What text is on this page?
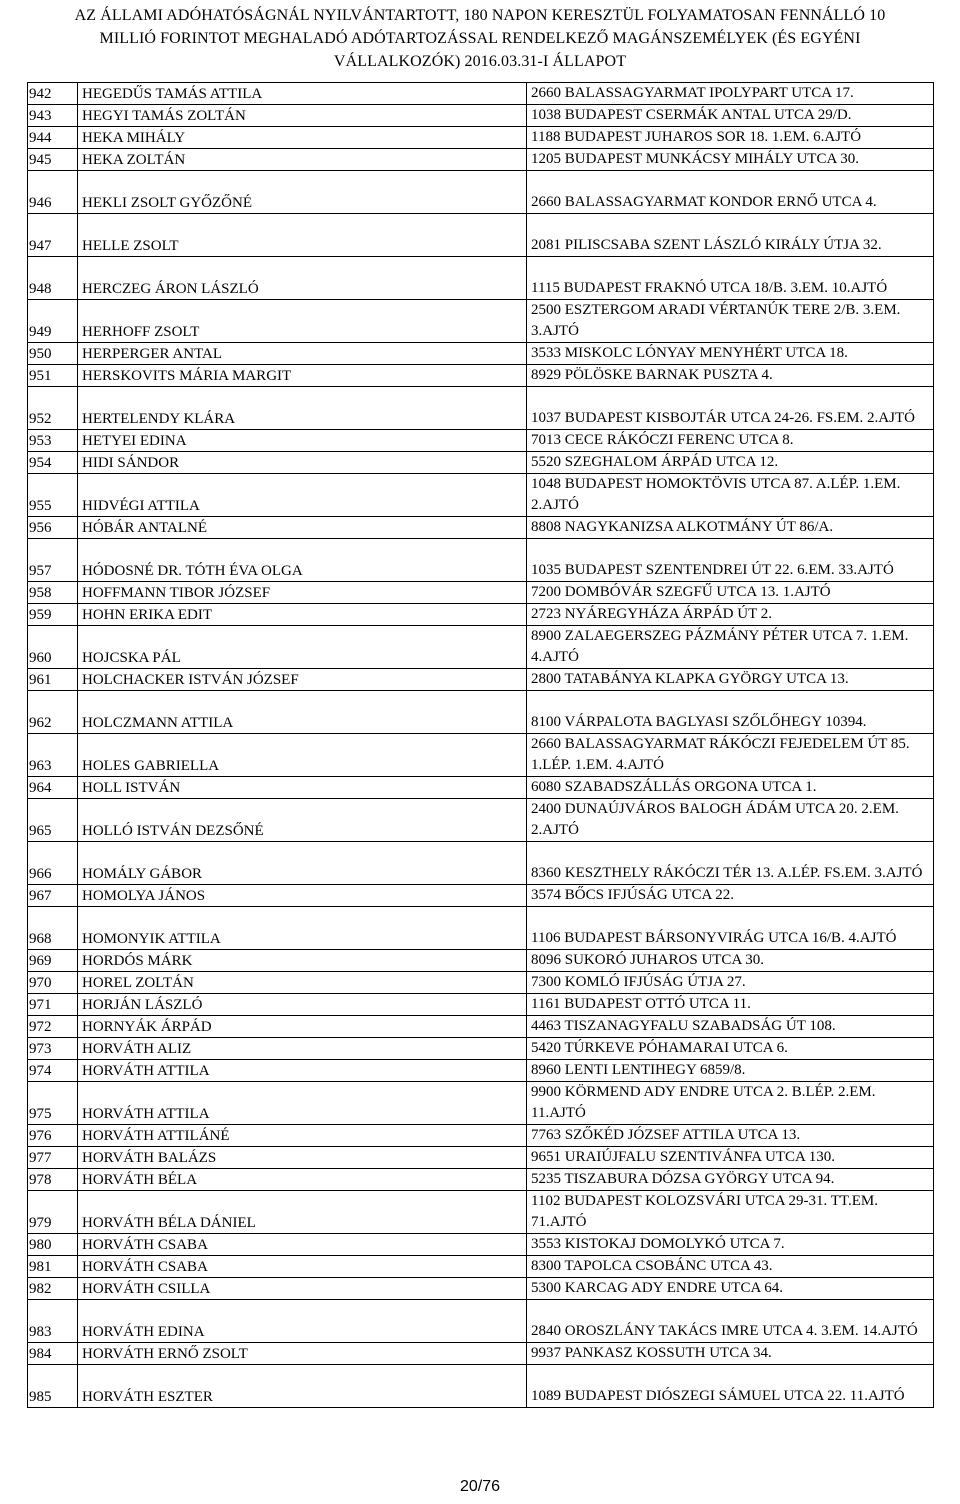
AZ ÁLLAMI ADÓHATÓSÁGNÁL NYILVÁNTARTOTT, 180 NAPON KERESZTÜL FOLYAMATOSAN FENNÁLLÓ 10
MILLIÓ FORINTOT MEGHALADÓ ADÓTARTOZÁSSAL RENDELKEZŐ MAGÁNSZEMÉLYEK (ÉS EGYÉNI
VÁLLALKOZÓK) 2016.03.31-I ÁLLAPOT
942	HEGEDŰS TAMÁS ATTILA	2660 BALASSAGYARMAT IPOLYPART UTCA 17.
943	HEGYI TAMÁS ZOLTÁN	1038 BUDAPEST CSERMÁK ANTAL UTCA 29/D.
944	HEKA MIHÁLY	1188 BUDAPEST JUHAROS SOR 18. 1.EM. 6.AJTÓ
945	HEKA ZOLTÁN	1205 BUDAPEST MUNKÁCSY MIHÁLY UTCA 30.
946	HEKLI ZSOLT GYŐZŐNÉ	2660 BALASSAGYARMAT KONDOR ERNŐ UTCA 4.
947	HELLE ZSOLT	2081 PILISCSABA SZENT LÁSZLÓ KIRÁLY ÚTJA 32.
948	HERCZEG ÁRON LÁSZLÓ	1115 BUDAPEST FRAKNÓ UTCA 18/B. 3.EM. 10.AJTÓ
949	HERHOFF ZSOLT	2500 ESZTERGOM ARADI VÉRTANÚK TERE 2/B. 3.EM. 3.AJTÓ
950	HERPERGER ANTAL	3533 MISKOLC LÓNYAY MENYHÉRT UTCA 18.
951	HERSKOVITS MÁRIA MARGIT	8929 PÖLÖSKE BARNAK PUSZTA 4.
952	HERTELENDY KLÁRA	1037 BUDAPEST KISBOJTÁR UTCA 24-26. FS.EM. 2.AJTÓ
953	HETYEI EDINA	7013 CECE RÁKÓCZI FERENC UTCA 8.
954	HIDI SÁNDOR	5520 SZEGHALOM ÁRPÁD UTCA 12.
955	HIDVÉGI ATTILA	1048 BUDAPEST HOMOKTÖVIS UTCA 87. A.LÉP. 1.EM. 2.AJTÓ
956	HÓBÁR ANTALNÉ	8808 NAGYKANIZSA ALKOTMÁNY ÚT 86/A.
957	HÓDOSNÉ DR. TÓTH ÉVA OLGA	1035 BUDAPEST SZENTENDREI ÚT 22. 6.EM. 33.AJTÓ
958	HOFFMANN TIBOR JÓZSEF	7200 DOMBÓVÁR SZEGFŰ UTCA 13. 1.AJTÓ
959	HOHN ERIKA EDIT	2723 NYÁREGYHÁZA ÁRPÁD ÚT 2.
960	HOJCSKA PÁL	8900 ZALAEGERSZEG PÁZMÁNY PÉTER UTCA 7. 1.EM. 4.AJTÓ
961	HOLCHACKER ISTVÁN JÓZSEF	2800 TATABÁNYA KLAPKA GYÖRGY UTCA 13.
962	HOLCZMANN ATTILA	8100 VÁRPALOTA BAGLYASI SZŐLŐHEGY 10394.
963	HOLES GABRIELLA	2660 BALASSAGYARMAT RÁKÓCZI FEJEDELEM ÚT 85. 1.LÉP. 1.EM. 4.AJTÓ
964	HOLL ISTVÁN	6080 SZABADSZÁLLÁS ORGONA UTCA 1.
965	HOLLÓ ISTVÁN DEZSŐNÉ	2400 DUNAÚJVÁROS BALOGH ÁDÁM UTCA 20. 2.EM. 2.AJTÓ
966	HOMÁLY GÁBOR	8360 KESZTHELY RÁKÓCZI TÉR 13. A.LÉP. FS.EM. 3.AJTÓ
967	HOMOLYA JÁNOS	3574 BŐCS IFJÚSÁG UTCA 22.
968	HOMONYIK ATTILA	1106 BUDAPEST BÁRSONYVIRÁG UTCA 16/B. 4.AJTÓ
969	HORDÓS MÁRK	8096 SUKORÓ JUHAROS UTCA 30.
970	HOREL ZOLTÁN	7300 KOMLÓ IFJÚSÁG ÚTJA 27.
971	HORJÁN LÁSZLÓ	1161 BUDAPEST OTTÓ UTCA 11.
972	HORNYÁK ÁRPÁD	4463 TISZANAGYFALU SZABADSÁG ÚT 108.
973	HORVÁTH ALIZ	5420 TÚRKEVE PÓHAMARAI UTCA 6.
974	HORVÁTH ATTILA	8960 LENTI LENTIHEGY 6859/8.
975	HORVÁTH ATTILA	9900 KÖRMEND ADY ENDRE UTCA 2. B.LÉP. 2.EM. 11.AJTÓ
976	HORVÁTH ATTILÁNÉ	7763 SZŐKÉD JÓZSEF ATTILA UTCA 13.
977	HORVÁTH BALÁZS	9651 URAIÚJFALU SZENTIVÁNFA UTCA 130.
978	HORVÁTH BÉLA	5235 TISZABURA DÓZSA GYÖRGY UTCA 94.
979	HORVÁTH BÉLA DÁNIEL	1102 BUDAPEST KOLOZSVÁRI UTCA 29-31. TT.EM. 71.AJTÓ
980	HORVÁTH CSABA	3553 KISTOKAJ DOMOLYKÓ UTCA 7.
981	HORVÁTH CSABA	8300 TAPOLCA CSOBÁNC UTCA 43.
982	HORVÁTH CSILLA	5300 KARCAG ADY ENDRE UTCA 64.
983	HORVÁTH EDINA	2840 OROSZLÁNY TAKÁCS IMRE UTCA 4. 3.EM. 14.AJTÓ
984	HORVÁTH ERNŐ ZSOLT	9937 PANKASZ KOSSUTH UTCA 34.
985	HORVÁTH ESZTER	1089 BUDAPEST DIÓSZEGI SÁMUEL UTCA 22. 11.AJTÓ
20/76
